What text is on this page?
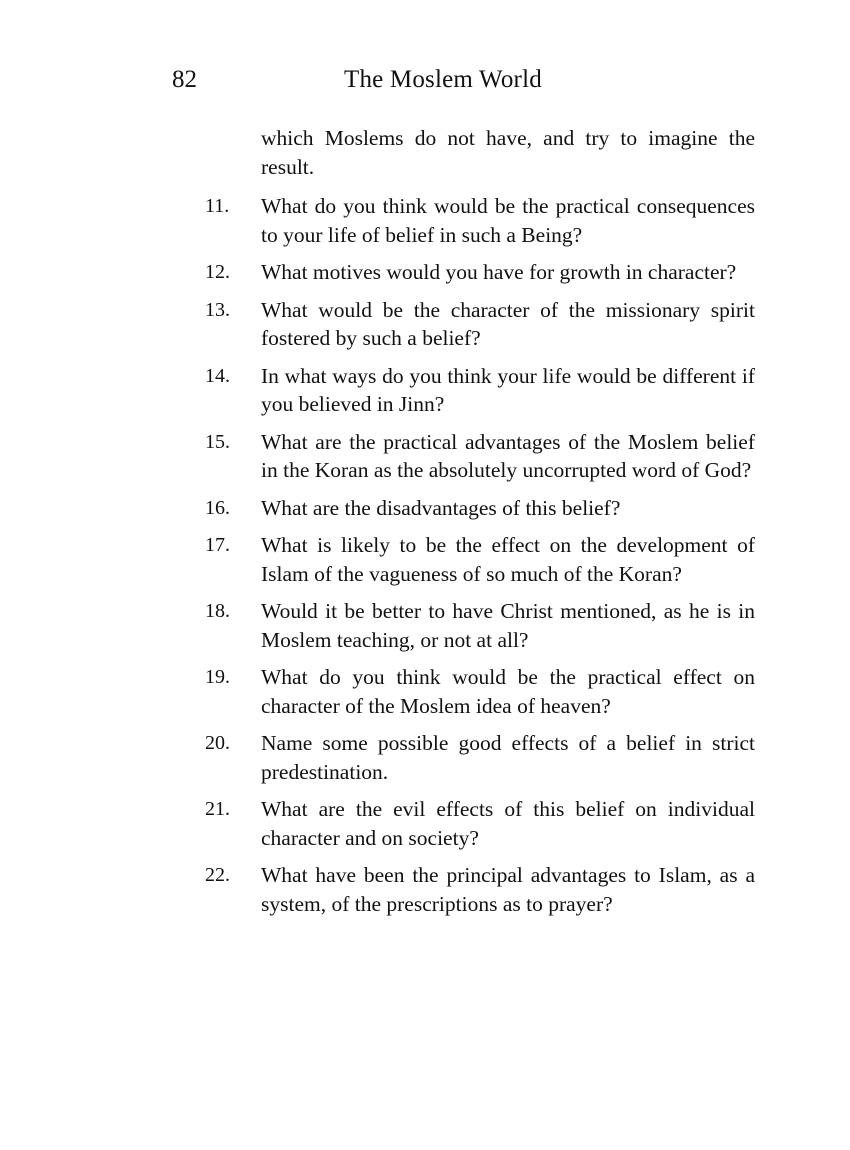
82	The Moslem World
which Moslems do not have, and try to imagine the result.
11.	What do you think would be the practical consequences to your life of belief in such a Being?
12.	What motives would you have for growth in character?
13.	What would be the character of the missionary spirit fostered by such a belief?
14.	In what ways do you think your life would be different if you believed in Jinn?
15.	What are the practical advantages of the Moslem belief in the Koran as the absolutely uncorrupted word of God?
16.	What are the disadvantages of this belief?
17.	What is likely to be the effect on the development of Islam of the vagueness of so much of the Koran?
18.	Would it be better to have Christ mentioned, as he is in Moslem teaching, or not at all?
19.	What do you think would be the practical effect on character of the Moslem idea of heaven?
20.	Name some possible good effects of a belief in strict predestination.
21.	What are the evil effects of this belief on individual character and on society?
22.	What have been the principal advantages to Islam, as a system, of the prescriptions as to prayer?
